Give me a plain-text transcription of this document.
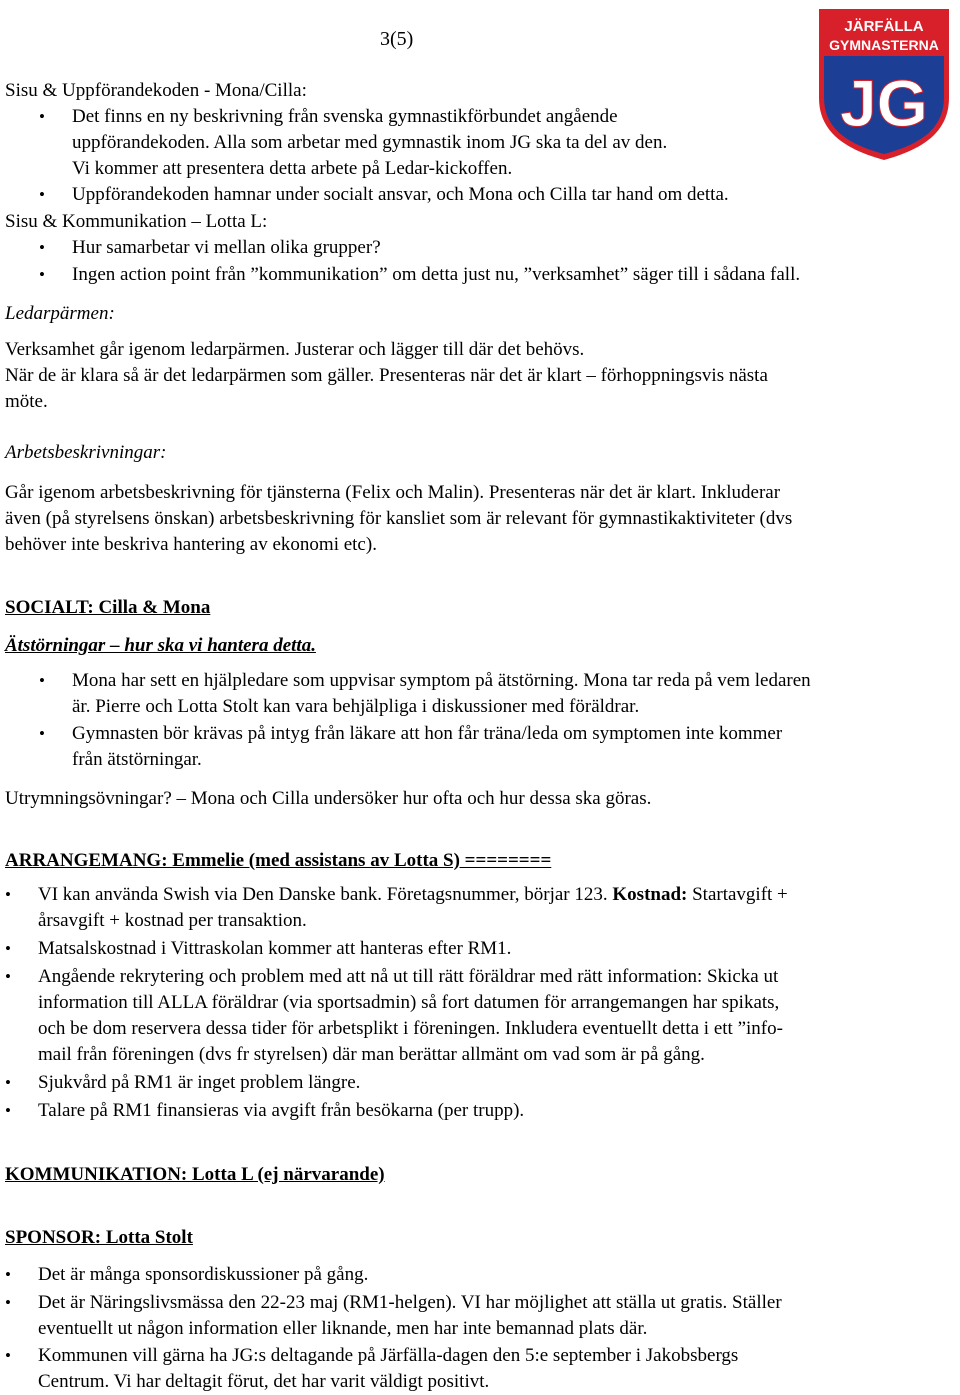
3(5)
JÄRFÄLLA
GYMNASTERNA
JG
Sisu & Uppförandekoden - Mona/Cilla:
• Det finns en ny beskrivning från svenska gymnastikförbundet angående
uppförandekoden. Alla som arbetar med gymnastik inom JG ska ta del av den.
Vi kommer att presentera detta arbete på Ledar-kickoffen.
• Uppförandekoden hamnar under socialt ansvar, och Mona och Cilla tar hand om detta.
Sisu & Kommunikation – Lotta L:
• Hur samarbetar vi mellan olika grupper?
• Ingen action point från ”kommunikation” om detta just nu, ”verksamhet” säger till i sådana fall.
Ledarpärmen:
Verksamhet går igenom ledarpärmen. Justerar och lägger till där det behövs.
När de är klara så är det ledarpärmen som gäller. Presenteras när det är klart – förhoppningsvis nästa
möte.
Arbetsbeskrivningar:
Går igenom arbetsbeskrivning för tjänsterna (Felix och Malin). Presenteras när det är klart. Inkluderar
även (på styrelsens önskan) arbetsbeskrivning för kansliet som är relevant för gymnastikaktiviteter (dvs
behöver inte beskriva hantering av ekonomi etc).
SOCIALT: Cilla & Mona
Ätstörningar – hur ska vi hantera detta.
• Mona har sett en hjälpledare som uppvisar symptom på ätstörning. Mona tar reda på vem ledaren
är. Pierre och Lotta Stolt kan vara behjälpliga i diskussioner med föräldrar.
• Gymnasten bör krävas på intyg från läkare att hon får träna/leda om symptomen inte kommer
från ätstörningar.
Utrymningsövningar? – Mona och Cilla undersöker hur ofta och hur dessa ska göras.
ARRANGEMANG: Emmelie (med assistans av Lotta S) ========
• VI kan använda Swish via Den Danske bank. Företagsnummer, börjar 123. Kostnad: Startavgift +
årsavgift + kostnad per transaktion.
• Matsalskostnad i Vittraskolan kommer att hanteras efter RM1.
• Angående rekrytering och problem med att nå ut till rätt föräldrar med rätt information: Skicka ut
information till ALLA föräldrar (via sportsadmin) så fort datumen för arrangemangen har spikats,
och be dom reservera dessa tider för arbetsplikt i föreningen. Inkludera eventuellt detta i ett ”info-
mail från föreningen (dvs fr styrelsen) där man berättar allmänt om vad som är på gång.
• Sjukvård på RM1 är inget problem längre.
• Talare på RM1 finansieras via avgift från besökarna (per trupp).
KOMMUNIKATION: Lotta L (ej närvarande)
SPONSOR: Lotta Stolt
• Det är många sponsordiskussioner på gång.
• Det är Näringslivsmässa den 22-23 maj (RM1-helgen). VI har möjlighet att ställa ut gratis. Ställer
eventuellt ut någon information eller liknande, men har inte bemannad plats där.
• Kommunen vill gärna ha JG:s deltagande på Järfälla-dagen den 5:e september i Jakobsbergs
Centrum. Vi har deltagit förut, det har varit väldigt positivt.
